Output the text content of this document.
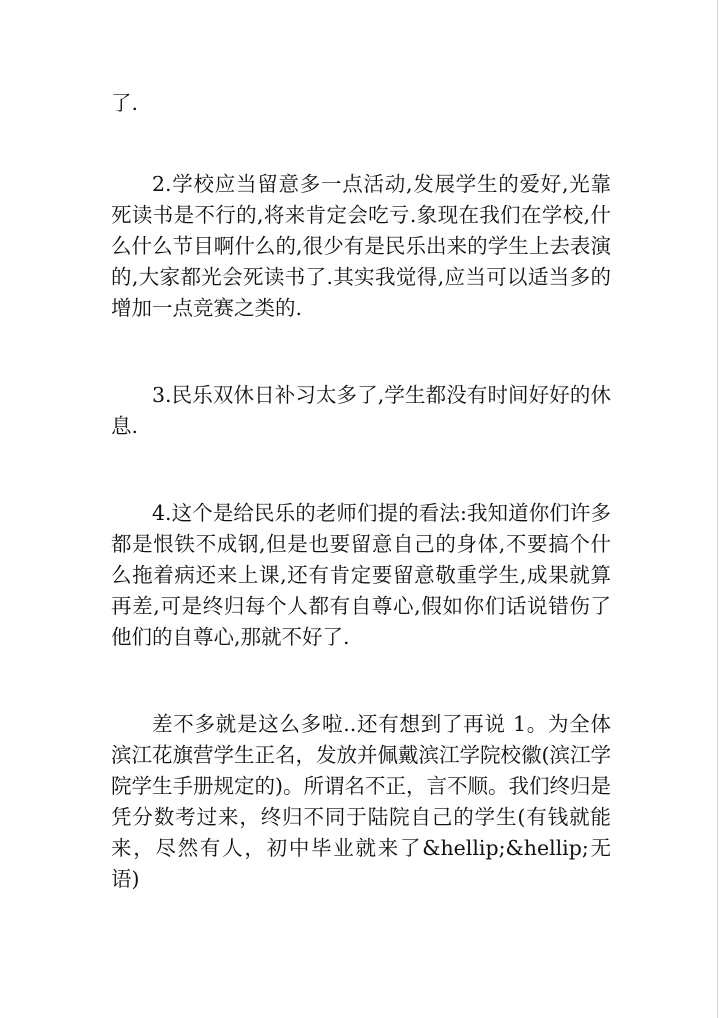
了.

2.学校应当留意多一点活动,发展学生的爱好,光靠死读书是不行的,将来肯定会吃亏.象现在我们在学校,什么什么节目啊什么的,很少有是民乐出来的学生上去表演的,大家都光会死读书了.其实我觉得,应当可以适当多的增加一点竞赛之类的.

3.民乐双休日补习太多了,学生都没有时间好好的休息.

4.这个是给民乐的老师们提的看法:我知道你们许多都是恨铁不成钢,但是也要留意自己的身体,不要搞个什么拖着病还来上课,还有肯定要留意敬重学生,成果就算再差,可是终归每个人都有自尊心,假如你们话说错伤了他们的自尊心,那就不好了.

差不多就是这么多啦..还有想到了再说 1。为全体滨江花旗营学生正名，发放并佩戴滨江学院校徽(滨江学院学生手册规定的)。所谓名不正，言不顺。我们终归是凭分数考过来，终归不同于陆院自己的学生(有钱就能来，尽然有人，初中毕业就来了&hellip;&hellip;无语)
